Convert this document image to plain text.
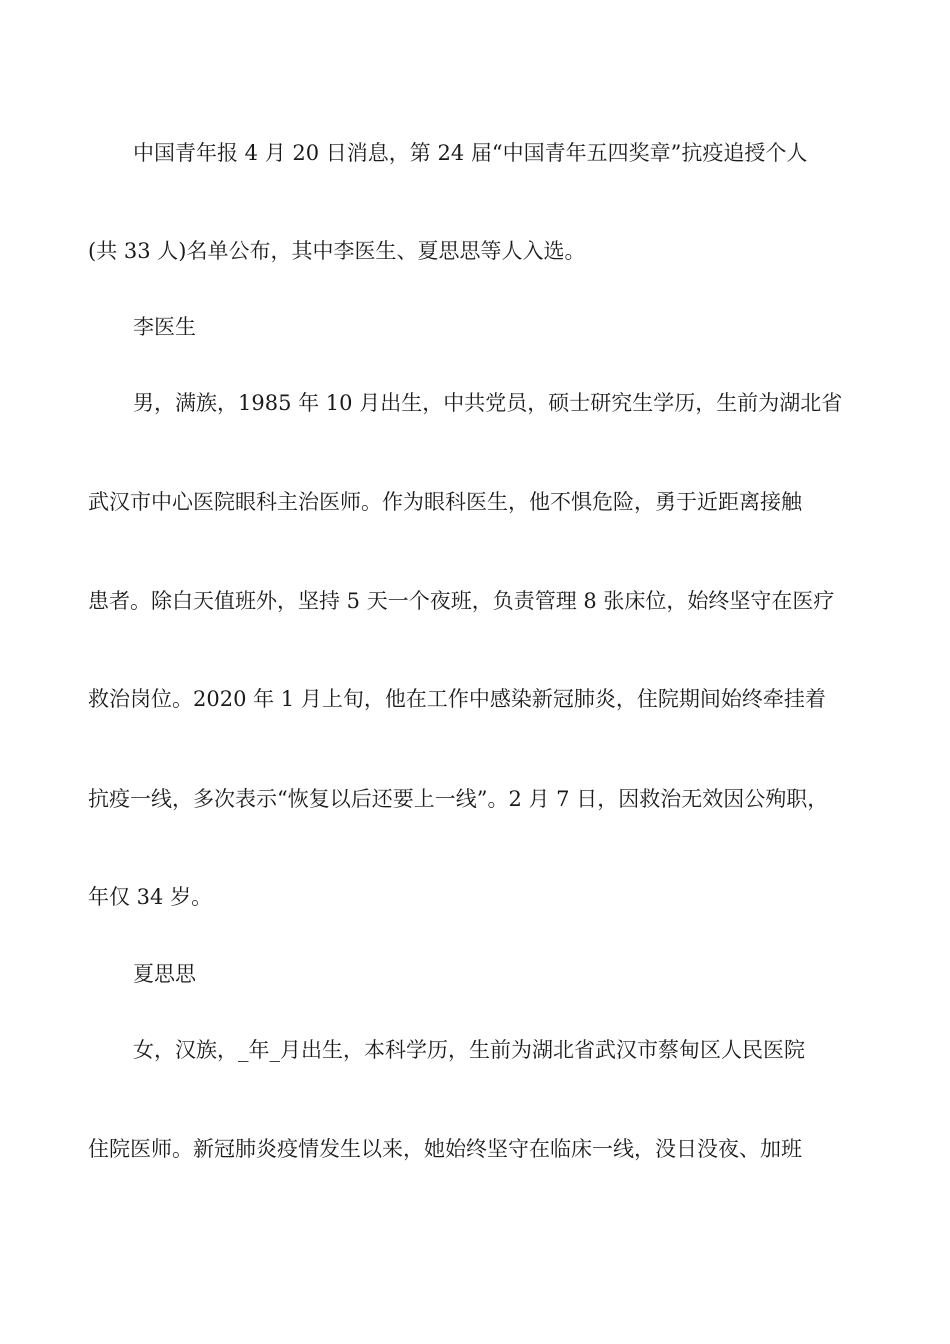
中国青年报 4 月 20 日消息，第 24 届“中国青年五四奖章”抗疫追授个人
(共 33 人)名单公布，其中李医生、夏思思等人入选。
李医生
男，满族，1985 年 10 月出生，中共党员，硕士研究生学历，生前为湖北省
武汉市中心医院眼科主治医师。作为眼科医生，他不惧危险，勇于近距离接触
患者。除白天值班外，坚持 5 天一个夜班，负责管理 8 张床位，始终坚守在医疗
救治岗位。2020 年 1 月上旬，他在工作中感染新冠肺炎，住院期间始终牵挂着
抗疫一线，多次表示“恢复以后还要上一线”。2 月 7 日，因救治无效因公殉职，
年仅 34 岁。
夏思思
女，汉族，_年_月出生，本科学历，生前为湖北省武汉市蔡甸区人民医院
住院医师。新冠肺炎疫情发生以来，她始终坚守在临床一线，没日没夜、加班
